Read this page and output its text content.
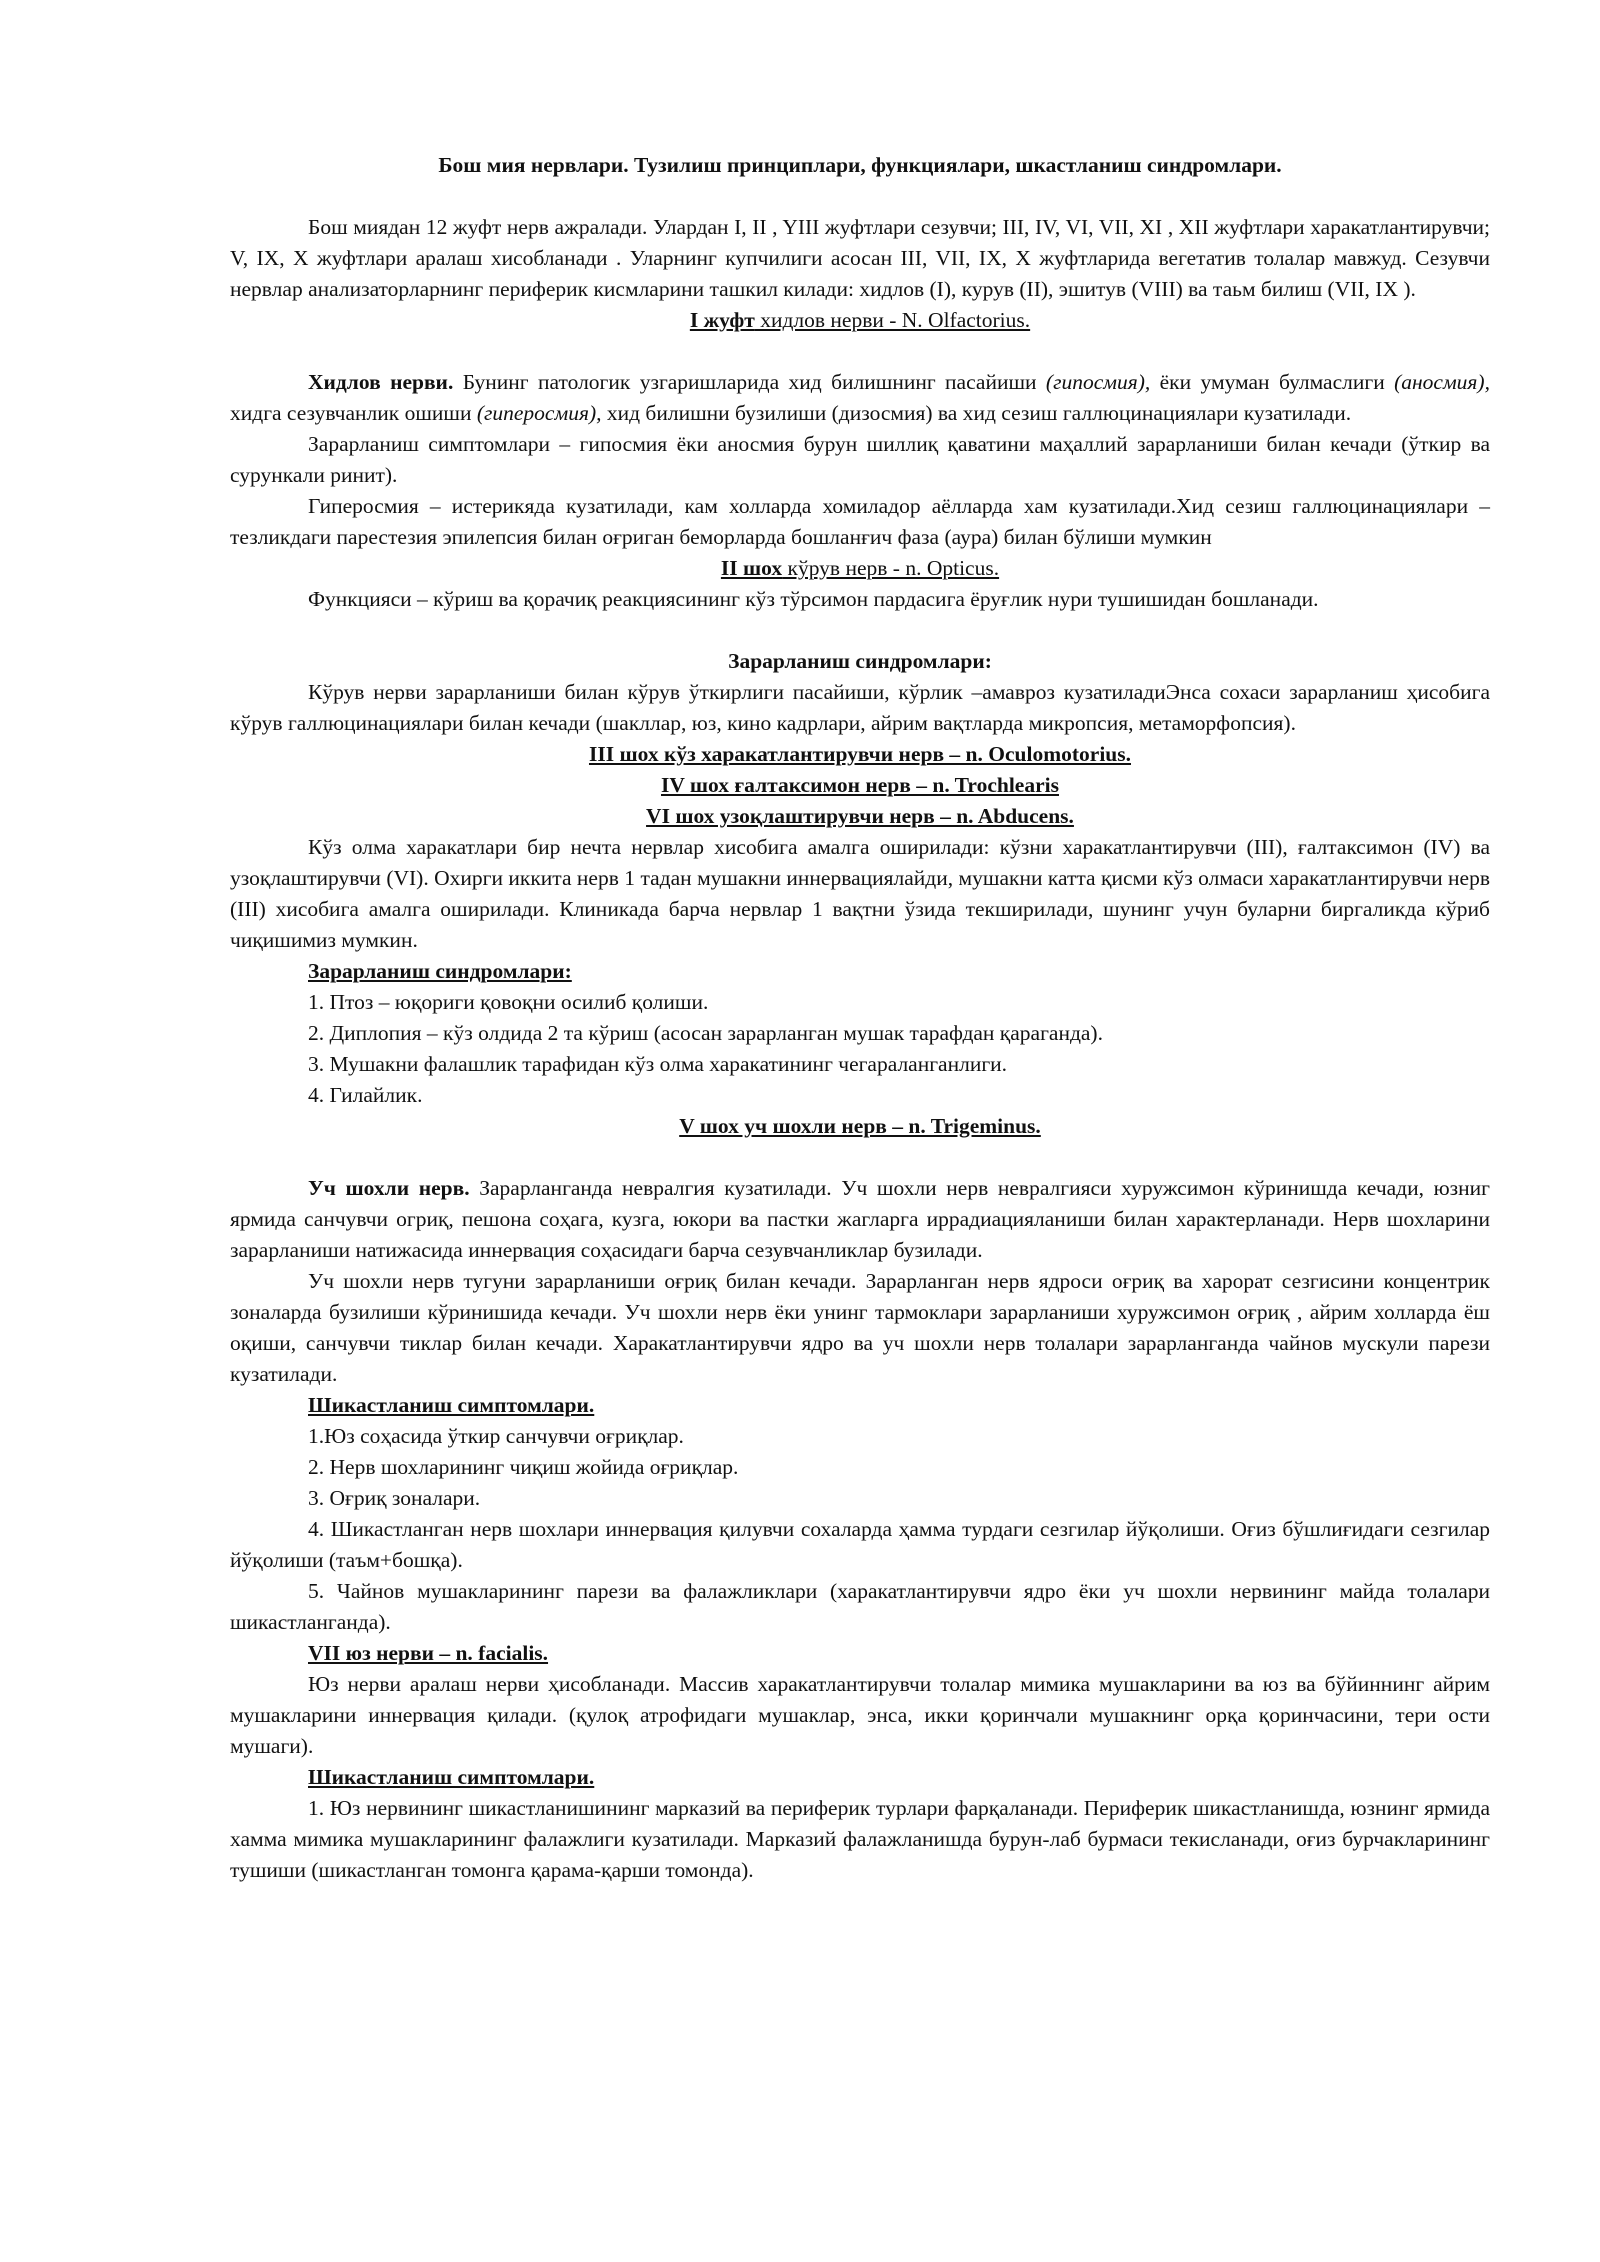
Бош мия нервлари. Тузилиш принциплари, функциялари, шкастланиш синдромлари.

Бош миядан 12 жуфт нерв ажралади. Улардан I, II , YIII жуфтлари сезувчи; III, IV, VI, VII, XI , XII жуфтлари харакатлантирувчи; V, IX, X жуфтлари аралаш хисобланади . Уларнинг купчилиги асосан III, VII, IX, X жуфтларида вегетатив толалар мавжуд. Сезувчи нервлар анализаторларнинг периферик кисмларини ташкил килади: хидлов (I), курув (II), эшитув (VIII) ва таьм билиш (VII, IX ).

I жуфт хидлов нерви - N. Olfactorius.

Хидлов нерви. Бунинг патологик узгаришларида хид билишнинг пасайиши (гипосмия), ёки умуман булмаслиги (аносмия), хидга сезувчанлик ошиши (гиперосмия), хид билишни бузилиши (дизосмия) ва хид сезиш галлюцинациялари кузатилади.

Зарарланиш симптомлари – гипосмия ёки аносмия бурун шиллиқ қаватини маҳаллий зарарланиши билан кечади (ўткир ва сурункали ринит).

Гиперосмия – истерикяда кузатилади, кам холларда хомиладор аёлларда хам кузатилади.Хид сезиш галлюцинациялари – тезликдаги парестезия эпилепсия билан оғриган беморларда бошланғич фаза (аура) билан бўлиши мумкин

II шох кўрув нерв - n. Opticus.

Функцияси – кўриш ва қорачиқ реакциясининг кўз тўрсимон пардасига ёруғлик нури тушишидан бошланади.

Зарарланиш синдромлари:

Кўрув нерви зарарланиши билан кўрув ўткирлиги пасайиши, кўрлик –амавроз кузатиладиЭнса сохаси зарарланиш ҳисобига кўрув галлюцинациялари билан кечади (шакллар, юз, кино кадрлари, айрим вақтларда микропсия, метаморфопсия).

III шох кўз харакатлантирувчи нерв – n. Oculomotorius.

IV шох ғалтаксимон нерв – n. Trochlearis

VI шох узоқлаштирувчи нерв – n. Abducens.

Кўз олма харакатлари бир нечта нервлар хисобига амалга оширилади: кўзни харакатлантирувчи (III), ғалтаксимон (IV) ва узоқлаштирувчи (VI). Охирги иккита нерв 1 тадан мушакни иннервациялайди, мушакни катта қисми кўз олмаси харакатлантирувчи нерв (III) хисобига амалга оширилади. Клиникада барча нервлар 1 вақтни ўзида текширилади, шунинг учун буларни биргаликда кўриб чиқишимиз мумкин.

Зарарланиш синдромлари:

1. Птоз – юқориги қовоқни осилиб қолиши.

2. Диплопия – кўз олдида 2 та кўриш (асосан зарарланган мушак тарафдан қараганда).

3. Мушакни фалашлик тарафидан кўз олма харакатининг чегараланганлиги.

4. Гилайлик.

V шох уч шохли нерв – n. Trigeminus.

Уч шохли нерв. Зарарланганда невралгия кузатилади. Уч шохли нерв невралгияси хуружсимон кўринишда кечади, юзниг ярмида санчувчи огриқ, пешона соҳага, кузга, юкори ва пастки жагларга иррадиацияланиши билан характерланади. Нерв шохларини зарарланиши натижасида иннервация соҳасидаги барча сезувчанликлар бузилади.

Уч шохли нерв тугуни зарарланиши оғриқ билан кечади. Зарарланган нерв ядроси оғриқ ва харорат сезгисини концентрик зоналарда бузилиши кўринишида кечади. Уч шохли нерв ёки унинг тармоклари зарарланиши хуружсимон оғриқ , айрим холларда ёш оқиши, санчувчи тиклар билан кечади. Харакатлантирувчи ядро ва уч шохли нерв толалари зарарланганда чайнов мускули парези кузатилади.

Шикастланиш симптомлари.

1.Юз соҳасида ўткир санчувчи оғриқлар.

2. Нерв шохларининг чиқиш жойида оғриқлар.

3. Оғриқ зоналари.

4. Шикастланган нерв шохлари иннервация қилувчи сохаларда ҳамма турдаги сезгилар йўқолиши. Оғиз бўшлиғидаги сезгилар йўқолиши (таъм+бошқа).

5. Чайнов мушакларининг парези ва фалажликлари (харакатлантирувчи ядро ёки уч шохли нервининг майда толалари шикастланганда).

VII юз нерви – n. facialis.

Юз нерви аралаш нерви ҳисобланади. Массив харакатлантирувчи толалар мимика мушакларини ва юз ва бўйиннинг айрим мушакларини иннервация қилади. (қулоқ атрофидаги мушаклар, энса, икки қоринчали мушакнинг орқа қоринчасини, тери ости мушаги).

Шикастланиш симптомлари.

1. Юз нервининг шикастланишининг марказий ва периферик турлари фарқаланади. Периферик шикастланишда, юзнинг ярмида хамма мимика мушакларининг фалажлиги кузатилади. Марказий фалажланишда бурун-лаб бурмаси текисланади, оғиз бурчакларининг тушиши (шикастланган томонга қарама-қарши томонда).
